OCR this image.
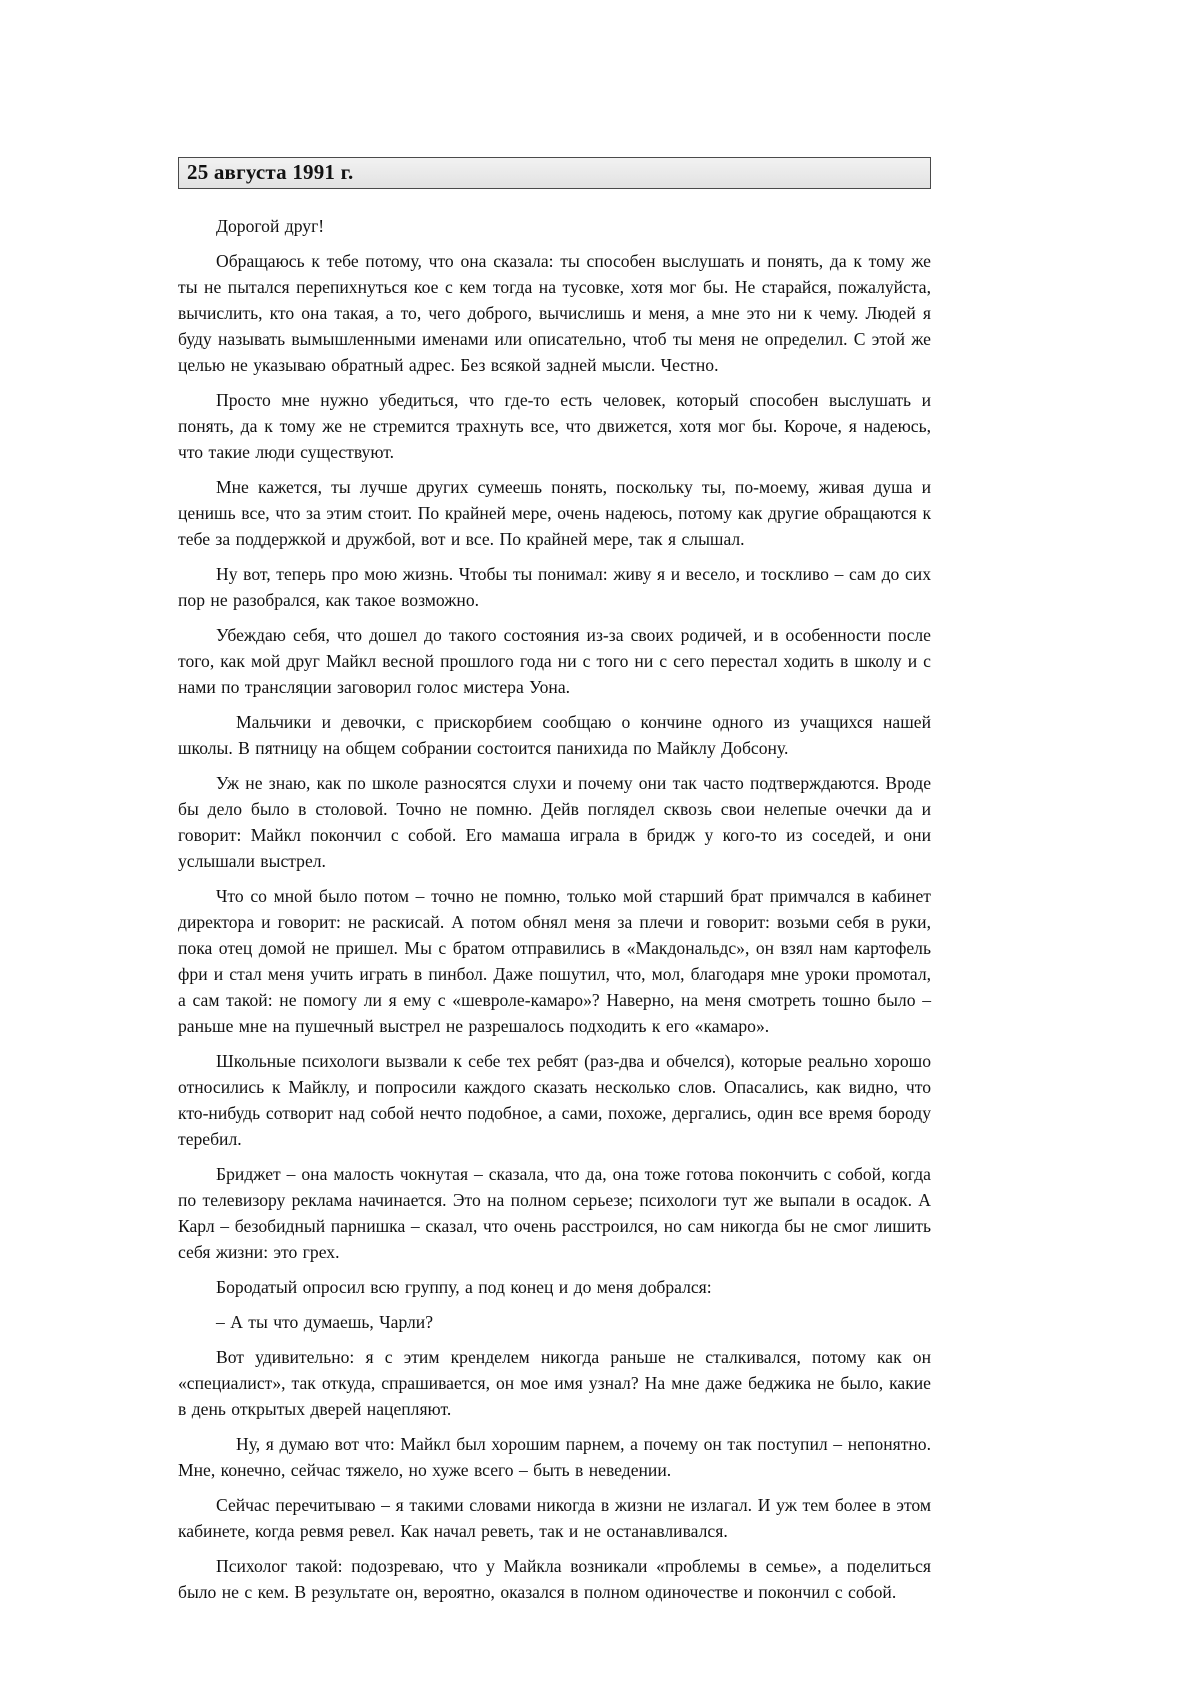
25 августа 1991 г.

Дорогой друг!

Обращаюсь к тебе потому, что она сказала: ты способен выслушать и понять, да к тому же ты не пытался перепихнуться кое с кем тогда на тусовке, хотя мог бы. Не старайся, пожалуйста, вычислить, кто она такая, а то, чего доброго, вычислишь и меня, а мне это ни к чему. Людей я буду называть вымышленными именами или описательно, чтоб ты меня не определил. С этой же целью не указываю обратный адрес. Без всякой задней мысли. Честно.

Просто мне нужно убедиться, что где-то есть человек, который способен выслушать и понять, да к тому же не стремится трахнуть все, что движется, хотя мог бы. Короче, я надеюсь, что такие люди существуют.

Мне кажется, ты лучше других сумеешь понять, поскольку ты, по-моему, живая душа и ценишь все, что за этим стоит. По крайней мере, очень надеюсь, потому как другие обращаются к тебе за поддержкой и дружбой, вот и все. По крайней мере, так я слышал.

Ну вот, теперь про мою жизнь. Чтобы ты понимал: живу я и весело, и тоскливо – сам до сих пор не разобрался, как такое возможно.

Убеждаю себя, что дошел до такого состояния из-за своих родичей, и в особенности после того, как мой друг Майкл весной прошлого года ни с того ни с сего перестал ходить в школу и с нами по трансляции заговорил голос мистера Уона.

Мальчики и девочки, с прискорбием сообщаю о кончине одного из учащихся нашей школы. В пятницу на общем собрании состоится панихида по Майклу Добсону.

Уж не знаю, как по школе разносятся слухи и почему они так часто подтверждаются. Вроде бы дело было в столовой. Точно не помню. Дейв поглядел сквозь свои нелепые очечки да и говорит: Майкл покончил с собой. Его мамаша играла в бридж у кого-то из соседей, и они услышали выстрел.

Что со мной было потом – точно не помню, только мой старший брат примчался в кабинет директора и говорит: не раскисай. А потом обнял меня за плечи и говорит: возьми себя в руки, пока отец домой не пришел. Мы с братом отправились в «Макдональдс», он взял нам картофель фри и стал меня учить играть в пинбол. Даже пошутил, что, мол, благодаря мне уроки промотал, а сам такой: не помогу ли я ему с «шевроле-камаро»? Наверно, на меня смотреть тошно было – раньше мне на пушечный выстрел не разрешалось подходить к его «камаро».

Школьные психологи вызвали к себе тех ребят (раз-два и обчелся), которые реально хорошо относились к Майклу, и попросили каждого сказать несколько слов. Опасались, как видно, что кто-нибудь сотворит над собой нечто подобное, а сами, похоже, дергались, один все время бороду теребил.

Бриджет – она малость чокнутая – сказала, что да, она тоже готова покончить с собой, когда по телевизору реклама начинается. Это на полном серьезе; психологи тут же выпали в осадок. А Карл – безобидный парнишка – сказал, что очень расстроился, но сам никогда бы не смог лишить себя жизни: это грех.

Бородатый опросил всю группу, а под конец и до меня добрался:

– А ты что думаешь, Чарли?

Вот удивительно: я с этим кренделем никогда раньше не сталкивался, потому как он «специалист», так откуда, спрашивается, он мое имя узнал? На мне даже беджика не было, какие в день открытых дверей нацепляют.

Ну, я думаю вот что: Майкл был хорошим парнем, а почему он так поступил – непонятно. Мне, конечно, сейчас тяжело, но хуже всего – быть в неведении.

Сейчас перечитываю – я такими словами никогда в жизни не излагал. И уж тем более в этом кабинете, когда ревмя ревел. Как начал реветь, так и не останавливался.

Психолог такой: подозреваю, что у Майкла возникали «проблемы в семье», а поделиться было не с кем. В результате он, вероятно, оказался в полном одиночестве и покончил с собой.
